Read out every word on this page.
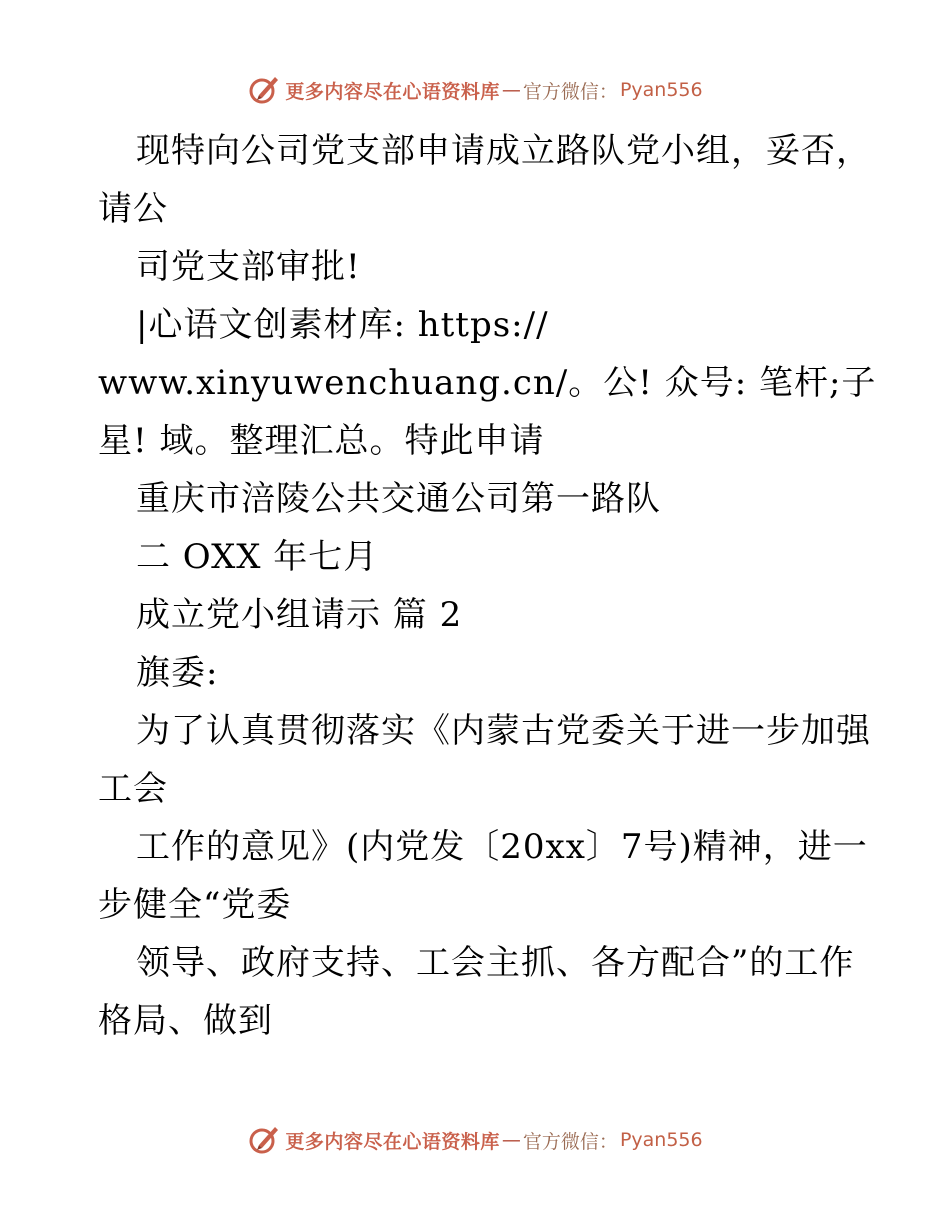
更多内容尽在心语资料库 — 官方微信： Pyan556
现特向公司党支部申请成立路队党小组，妥否，
请公
司党支部审批!
|心语文创素材库: https://
www.xinyuwenchuang.cn/。公! 众号: 笔杆;子
星! 域。整理汇总。特此申请
重庆市涪陵公共交通公司第一路队
二 OXX 年七月
成立党小组请示 篇 2
旗委:
为了认真贯彻落实《内蒙古党委关于进一步加强
工会
工作的意见》(内党发〔20xx〕7号)精神，进一
步健全“党委
领导、政府支持、工会主抓、各方配合”的工作
格局、做到
更多内容尽在心语资料库 — 官方微信： Pyan556
